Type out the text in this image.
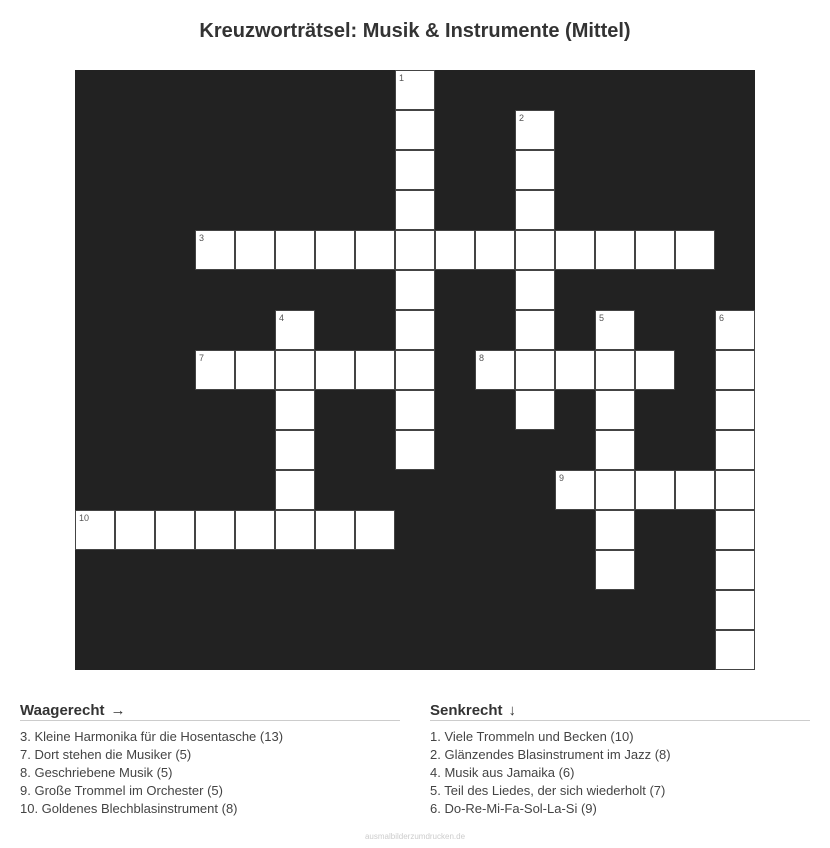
Kreuzworträtsel: Musik & Instrumente (Mittel)
1
2
3
4	5	6
7	8
9
10
Waagerecht →
3. Kleine Harmonika für die Hosentasche (13)
7. Dort stehen die Musiker (5)
8. Geschriebene Musik (5)
9. Große Trommel im Orchester (5)
10. Goldenes Blechblasinstrument (8)
Senkrecht ↓
1. Viele Trommeln und Becken (10)
2. Glänzendes Blasinstrument im Jazz (8)
4. Musik aus Jamaika (6)
5. Teil des Liedes, der sich wiederholt (7)
6. Do-Re-Mi-Fa-Sol-La-Si (9)
ausmalbilderzumdrucken.de
